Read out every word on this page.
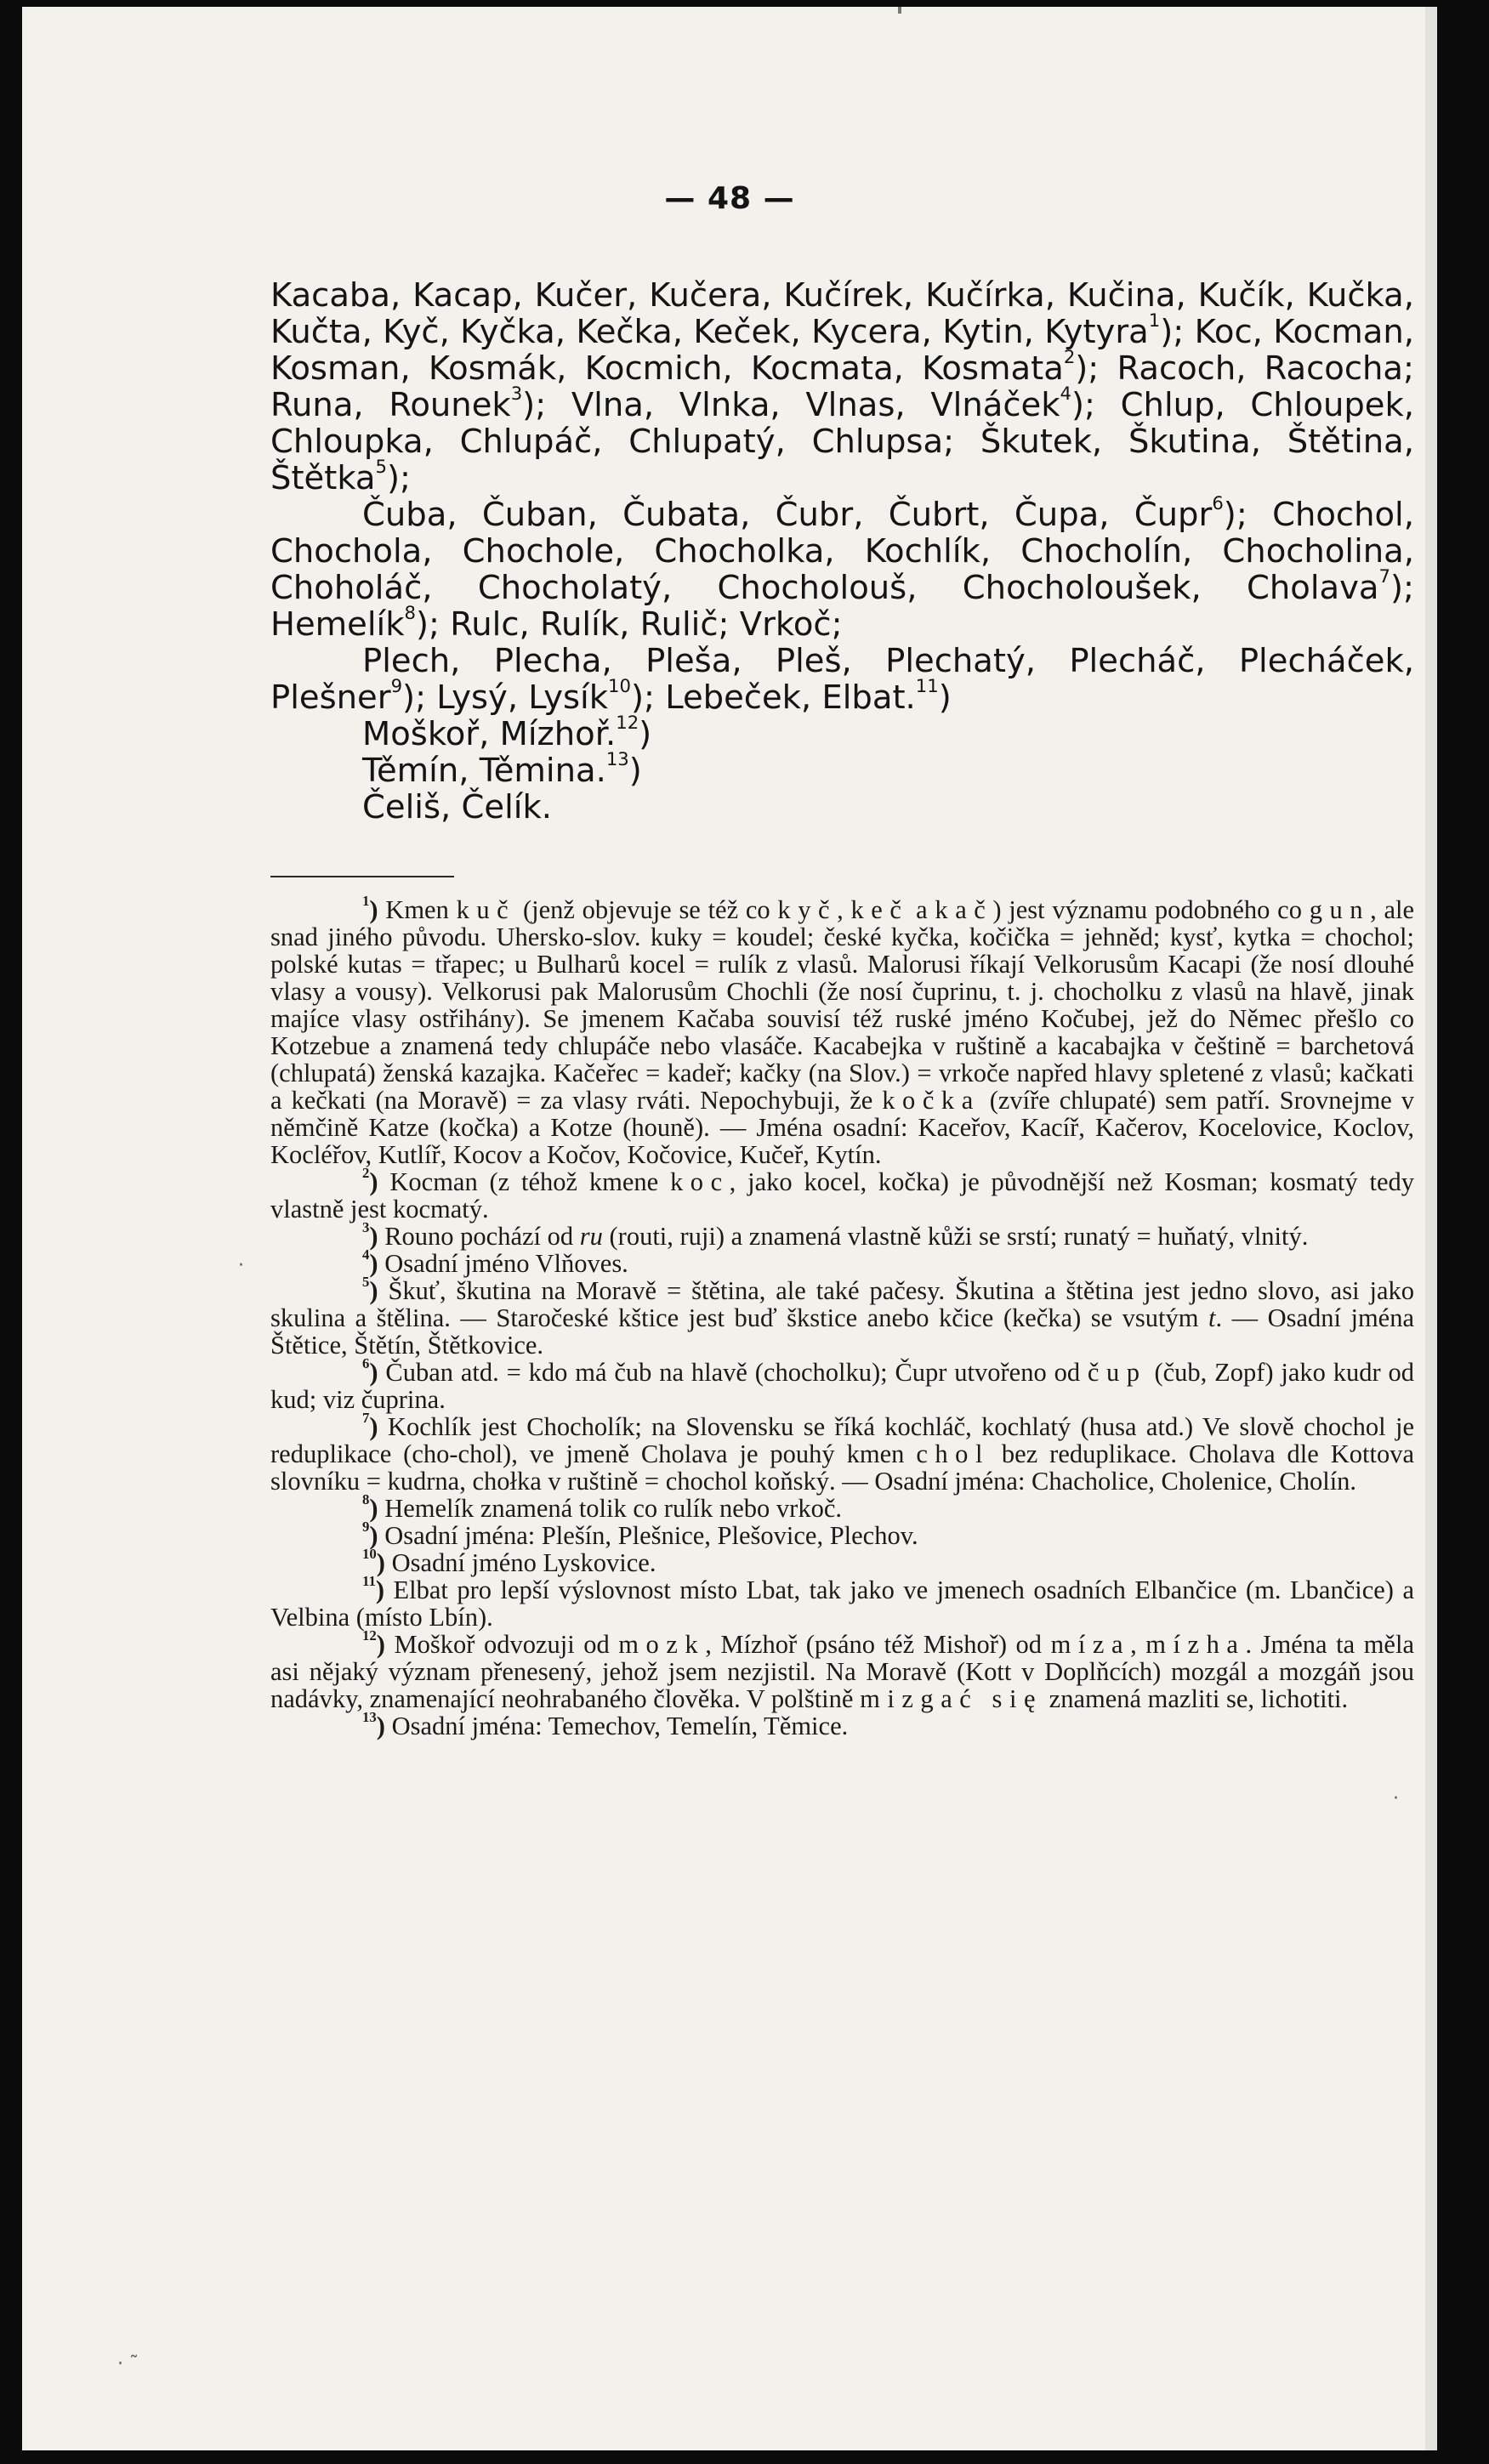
— 48 —

Kacaba, Kacap, Kučer, Kučera, Kučírek, Kučírka, Kučina, Kučík, Kučka, Kučta, Kyč, Kyčka, Kečka, Keček, Kycera, Kytin, Kytyra$^1$); Koc, Kocman, Kosman, Kosmák, Kocmich, Kocmata, Kosmata$^2$); Racoch, Racocha; Runa, Rounek$^3$); Vlna, Vlnka, Vlnas, Vlnáček$^4$); Chlup, Chloupek, Chloupka, Chlupáč, Chlupatý, Chlupsa; Škutek, Škutina, Štětina, Štětka$^5$);

Čuba, Čuban, Čubata, Čubr, Čubrt, Čupa, Čupr$^6$); Chochol, Chochola, Chochole, Chocholka, Kochlík, Chocholín, Chocholina, Choholáč, Chocholatý, Chocholouš, Chocholoušek, Cholava$^7$); Hemelík$^8$); Rulc, Rulík, Rulič; Vrkoč;

Plech, Plecha, Pleša, Pleš, Plechatý, Plecháč, Plecháček, Plešner$^9$); Lysý, Lysík$^{10}$); Lebeček, Elbat.$^{11}$)

Moškoř, Mízhoř.$^{12}$)

Těmín, Těmina.$^{13}$)

Čeliš, Čelík.

$^1$) Kmen kuč (jenž objevuje se též co kyč, keč a kač) jest významu podobného co gun, ale snad jiného původu. Uhersko-slov. kuky = koudel; české kyčka, kočička = jehněd; kysť, kytka = chochol; polské kutas = třapec; u Bulharů kocel = rulík z vlasů. Malorusi říkají Velkorusům Kacapi (že nosí dlouhé vlasy a vousy). Velkorusi pak Malorusům Chochli (že nosí čuprinu, t. j. chocholku z vlasů na hlavě, jinak majíce vlasy ostřihány). Se jmenem Kačaba souvisí též ruské jméno Kočubej, jež do Němec přešlo co Kotzebue a znamená tedy chlupáče nebo vlasáče. Kacabejka v ruštině a kacabajka v češtině = barchetová (chlupatá) ženská kazajka. Kačeřec = kadeř; kačky (na Slov.) = vrkoče napřed hlavy spletené z vlasů; kačkati a kečkati (na Moravě) = za vlasy rváti. Nepochybuji, že kočka (zvíře chlupaté) sem patří. Srovnejme v němčině Katze (kočka) a Kotze (houně). — Jména osadní: Kaceřov, Kacíř, Kačerov, Kocelovice, Koclov, Kocléřov, Kutlíř, Kocov a Kočov, Kočovice, Kučeř, Kytín.

$^2$) Kocman (z téhož kmene koc, jako kocel, kočka) je původnější než Kosman; kosmatý tedy vlastně jest kocmatý.

$^3$) Rouno pochází od ru (routi, ruji) a znamená vlastně kůži se srstí; runatý = huňatý, vlnitý.

$^4$) Osadní jméno Vlňoves.

$^5$) Škuť, škutina na Moravě = štětina, ale také pačesy. Škutina a štětina jest jedno slovo, asi jako skulina a štělina. — Staročeské kštice jest buď škstice anebo kčice (kečka) se vsutým t. — Osadní jména Štětice, Štětín, Štětkovice.

$^6$) Čuban atd. = kdo má čub na hlavě (chocholku); Čupr utvořeno od čup (čub, Zopf) jako kudr od kud; viz čuprina.

$^7$) Kochlík jest Chocholík; na Slovensku se říká kochláč, kochlatý (husa atd.) Ve slově chochol je reduplikace (cho-chol), ve jmeně Cholava je pouhý kmen chol bez reduplikace. Cholava dle Kottova slovníku = kudrna, chołka v ruštině = chochol koňský. — Osadní jména: Chacholice, Cholenice, Cholín.

$^8$) Hemelík znamená tolik co rulík nebo vrkoč.

$^9$) Osadní jména: Plešín, Plešnice, Plešovice, Plechov.

$^{10}$) Osadní jméno Lyskovice.

$^{11}$) Elbat pro lepší výslovnost místo Lbat, tak jako ve jmenech osadních Elbančice (m. Lbančice) a Velbina (místo Lbín).

$^{12}$) Moškoř odvozuji od mozk, Mízhoř (psáno též Mishoř) od míza, mízha. Jména ta měla asi nějaký význam přenesený, jehož jsem nezjistil. Na Moravě (Kott v Doplňcích) mozgál a mozgáň jsou nadávky, znamenající neohrabaného člověka. V polštině mizgać się znamená mazliti se, lichotiti.

$^{13}$) Osadní jména: Temechov, Temelín, Těmice.

·
·
· ˜
